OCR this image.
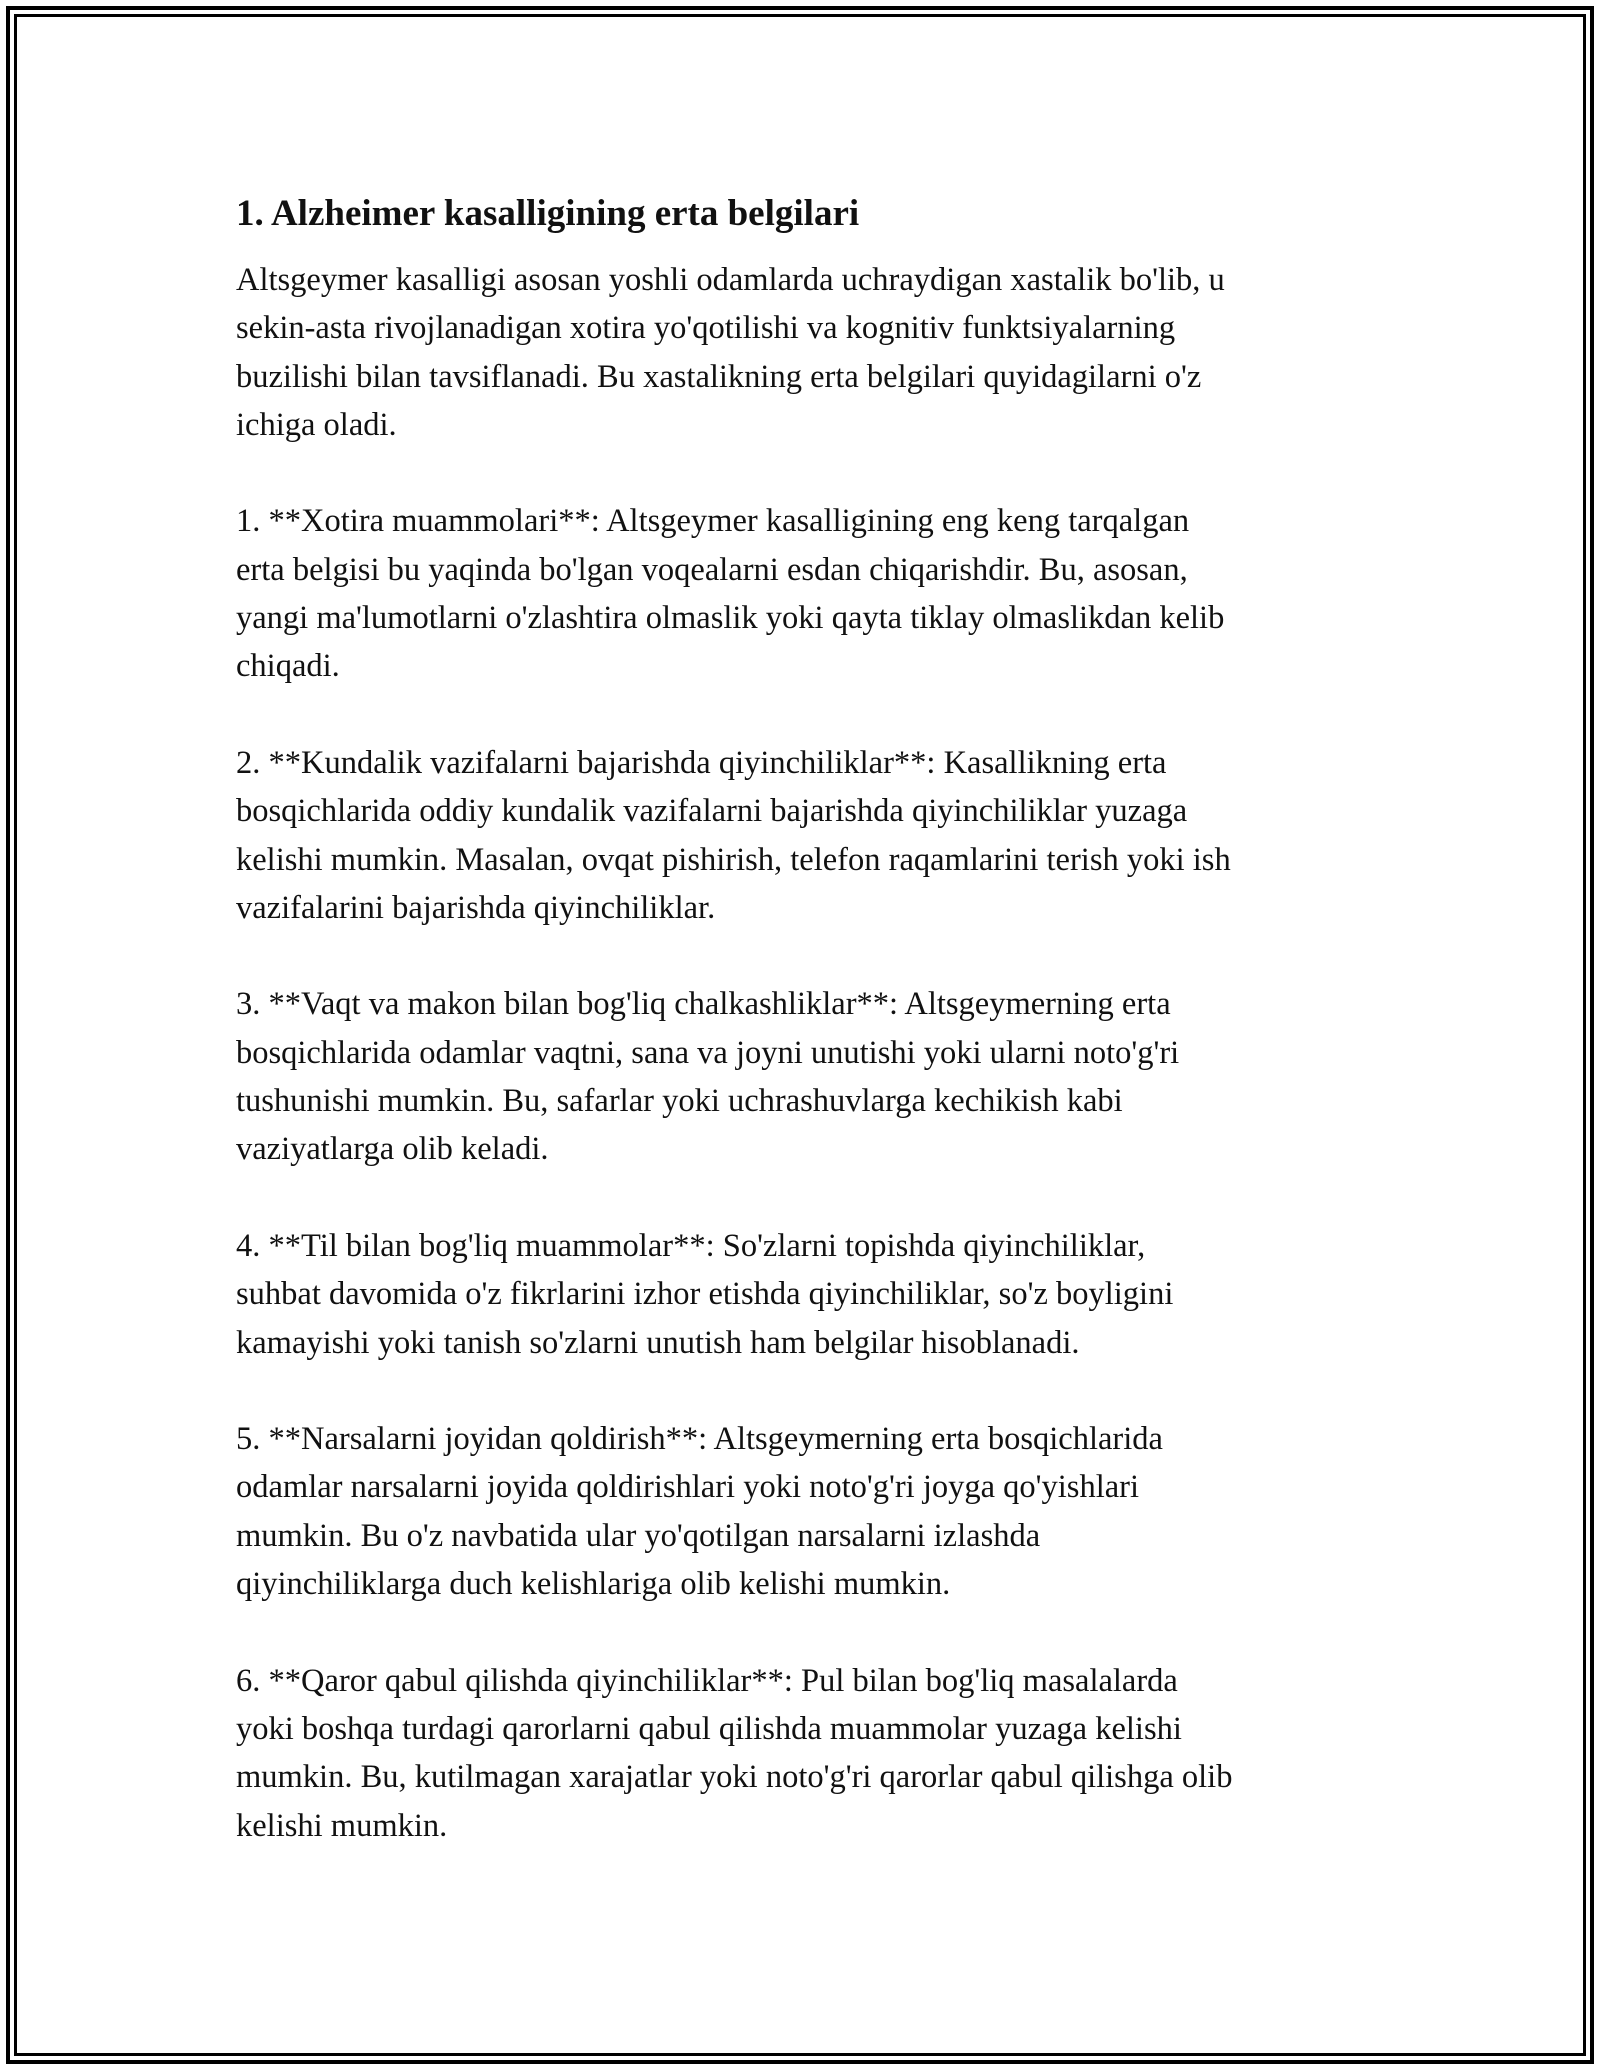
1. Alzheimer kasalligining erta belgilari

Altsgeymer kasalligi asosan yoshli odamlarda uchraydigan xastalik bo'lib, u
sekin-asta rivojlanadigan xotira yo'qotilishi va kognitiv funktsiyalarning
buzilishi bilan tavsiflanadi. Bu xastalikning erta belgilari quyidagilarni o'z
ichiga oladi.

1. **Xotira muammolari**: Altsgeymer kasalligining eng keng tarqalgan
erta belgisi bu yaqinda bo'lgan voqealarni esdan chiqarishdir. Bu, asosan,
yangi ma'lumotlarni o'zlashtira olmaslik yoki qayta tiklay olmaslikdan kelib
chiqadi.

2. **Kundalik vazifalarni bajarishda qiyinchiliklar**: Kasallikning erta
bosqichlarida oddiy kundalik vazifalarni bajarishda qiyinchiliklar yuzaga
kelishi mumkin. Masalan, ovqat pishirish, telefon raqamlarini terish yoki ish
vazifalarini bajarishda qiyinchiliklar.

3. **Vaqt va makon bilan bog'liq chalkashliklar**: Altsgeymerning erta
bosqichlarida odamlar vaqtni, sana va joyni unutishi yoki ularni noto'g'ri
tushunishi mumkin. Bu, safarlar yoki uchrashuvlarga kechikish kabi
vaziyatlarga olib keladi.

4. **Til bilan bog'liq muammolar**: So'zlarni topishda qiyinchiliklar,
suhbat davomida o'z fikrlarini izhor etishda qiyinchiliklar, so'z boyligini
kamayishi yoki tanish so'zlarni unutish ham belgilar hisoblanadi.

5. **Narsalarni joyidan qoldirish**: Altsgeymerning erta bosqichlarida
odamlar narsalarni joyida qoldirishlari yoki noto'g'ri joyga qo'yishlari
mumkin. Bu o'z navbatida ular yo'qotilgan narsalarni izlashda
qiyinchiliklarga duch kelishlariga olib kelishi mumkin.

6. **Qaror qabul qilishda qiyinchiliklar**: Pul bilan bog'liq masalalarda
yoki boshqa turdagi qarorlarni qabul qilishda muammolar yuzaga kelishi
mumkin. Bu, kutilmagan xarajatlar yoki noto'g'ri qarorlar qabul qilishga olib
kelishi mumkin.
